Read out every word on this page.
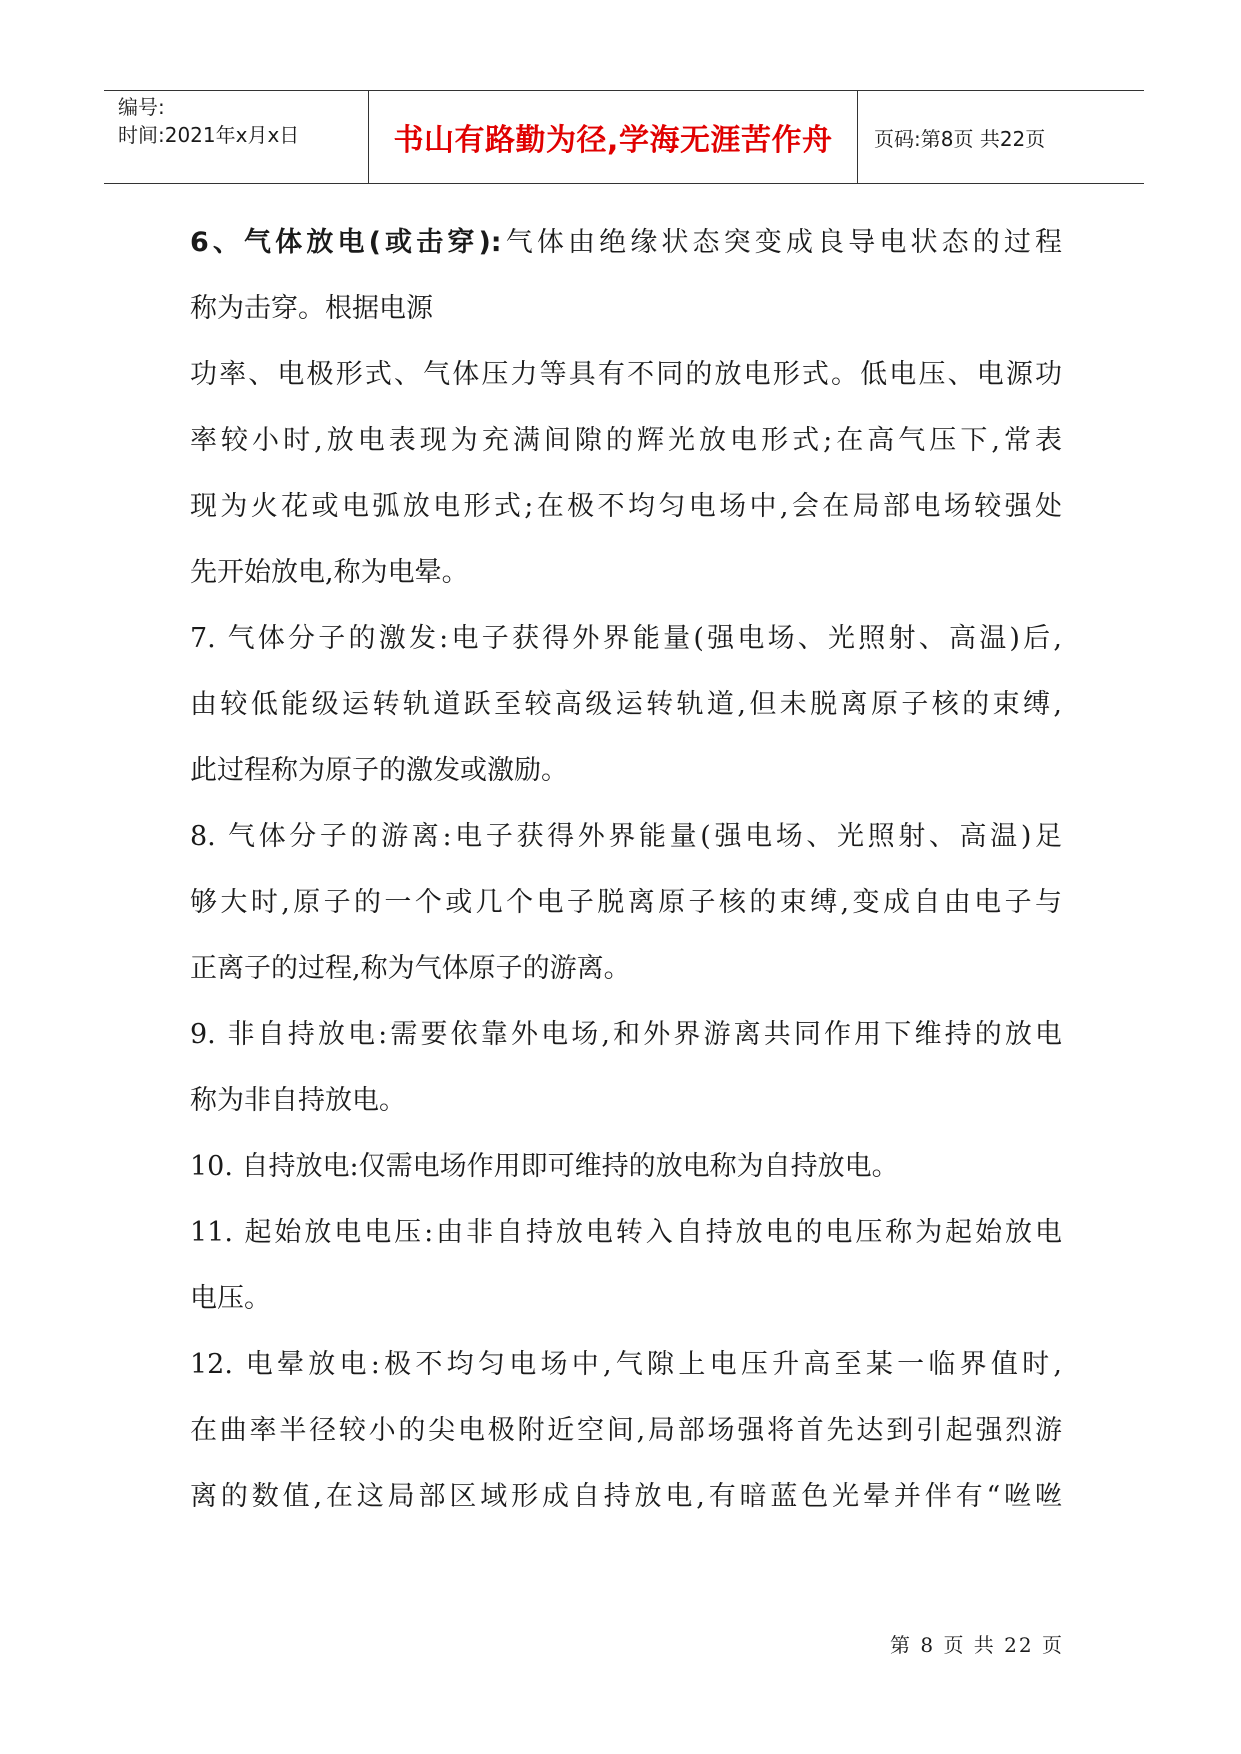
编号:
时间:2021年x月x日	书山有路勤为径,学海无涯苦作舟	页码:第8页 共22页
6、气体放电(或击穿):气体由绝缘状态突变成良导电状态的过程
称为击穿。根据电源
功率、电极形式、气体压力等具有不同的放电形式。低电压、电源功
率较小时,放电表现为充满间隙的辉光放电形式;在高气压下,常表
现为火花或电弧放电形式;在极不均匀电场中,会在局部电场较强处
先开始放电,称为电晕。
7. 气体分子的激发:电子获得外界能量(强电场、光照射、高温)后,
由较低能级运转轨道跃至较高级运转轨道,但未脱离原子核的束缚,
此过程称为原子的激发或激励。
8. 气体分子的游离:电子获得外界能量(强电场、光照射、高温)足
够大时,原子的一个或几个电子脱离原子核的束缚,变成自由电子与
正离子的过程,称为气体原子的游离。
9. 非自持放电:需要依靠外电场,和外界游离共同作用下维持的放电
称为非自持放电。
10. 自持放电:仅需电场作用即可维持的放电称为自持放电。
11. 起始放电电压:由非自持放电转入自持放电的电压称为起始放电
电压。
12. 电晕放电:极不均匀电场中,气隙上电压升高至某一临界值时,
在曲率半径较小的尖电极附近空间,局部场强将首先达到引起强烈游
离的数值,在这局部区域形成自持放电,有暗蓝色光晕并伴有“咝咝
第 8 页 共 22 页
